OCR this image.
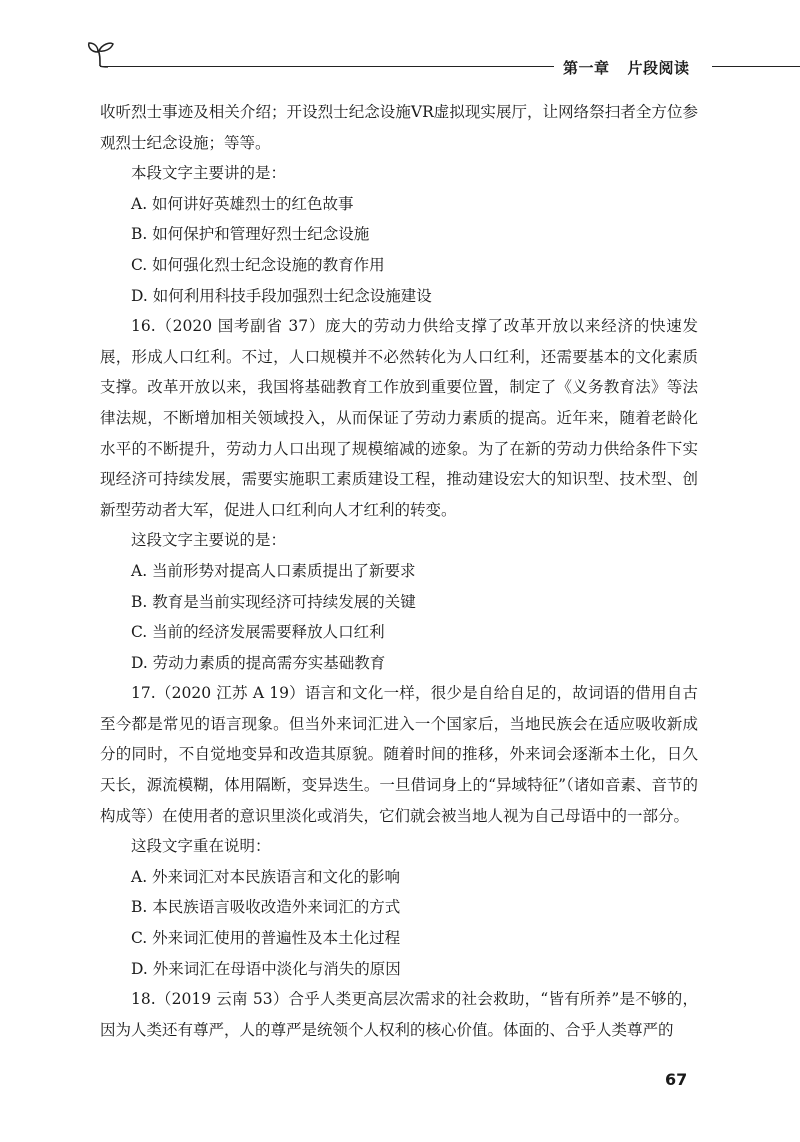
第一章 片段阅读

收听烈士事迹及相关介绍；开设烈士纪念设施VR虚拟现实展厅，让网络祭扫者全方位参观烈士纪念设施；等等。

本段文字主要讲的是：

A. 如何讲好英雄烈士的红色故事

B. 如何保护和管理好烈士纪念设施

C. 如何强化烈士纪念设施的教育作用

D. 如何利用科技手段加强烈士纪念设施建设

16.（2020 国考副省 37）庞大的劳动力供给支撑了改革开放以来经济的快速发展，形成人口红利。不过，人口规模并不必然转化为人口红利，还需要基本的文化素质支撑。改革开放以来，我国将基础教育工作放到重要位置，制定了《义务教育法》等法律法规，不断增加相关领域投入，从而保证了劳动力素质的提高。近年来，随着老龄化水平的不断提升，劳动力人口出现了规模缩减的迹象。为了在新的劳动力供给条件下实现经济可持续发展，需要实施职工素质建设工程，推动建设宏大的知识型、技术型、创新型劳动者大军，促进人口红利向人才红利的转变。

这段文字主要说的是：

A. 当前形势对提高人口素质提出了新要求

B. 教育是当前实现经济可持续发展的关键

C. 当前的经济发展需要释放人口红利

D. 劳动力素质的提高需夯实基础教育

17.（2020 江苏 A 19）语言和文化一样，很少是自给自足的，故词语的借用自古至今都是常见的语言现象。但当外来词汇进入一个国家后，当地民族会在适应吸收新成分的同时，不自觉地变异和改造其原貌。随着时间的推移，外来词会逐渐本土化，日久天长，源流模糊，体用隔断，变异迭生。一旦借词身上的“异域特征”（诸如音素、音节的构成等）在使用者的意识里淡化或消失，它们就会被当地人视为自己母语中的一部分。

这段文字重在说明：

A. 外来词汇对本民族语言和文化的影响

B. 本民族语言吸收改造外来词汇的方式

C. 外来词汇使用的普遍性及本土化过程

D. 外来词汇在母语中淡化与消失的原因

18.（2019 云南 53）合乎人类更高层次需求的社会救助，“皆有所养”是不够的，因为人类还有尊严，人的尊严是统领个人权利的核心价值。体面的、合乎人类尊严的

67
